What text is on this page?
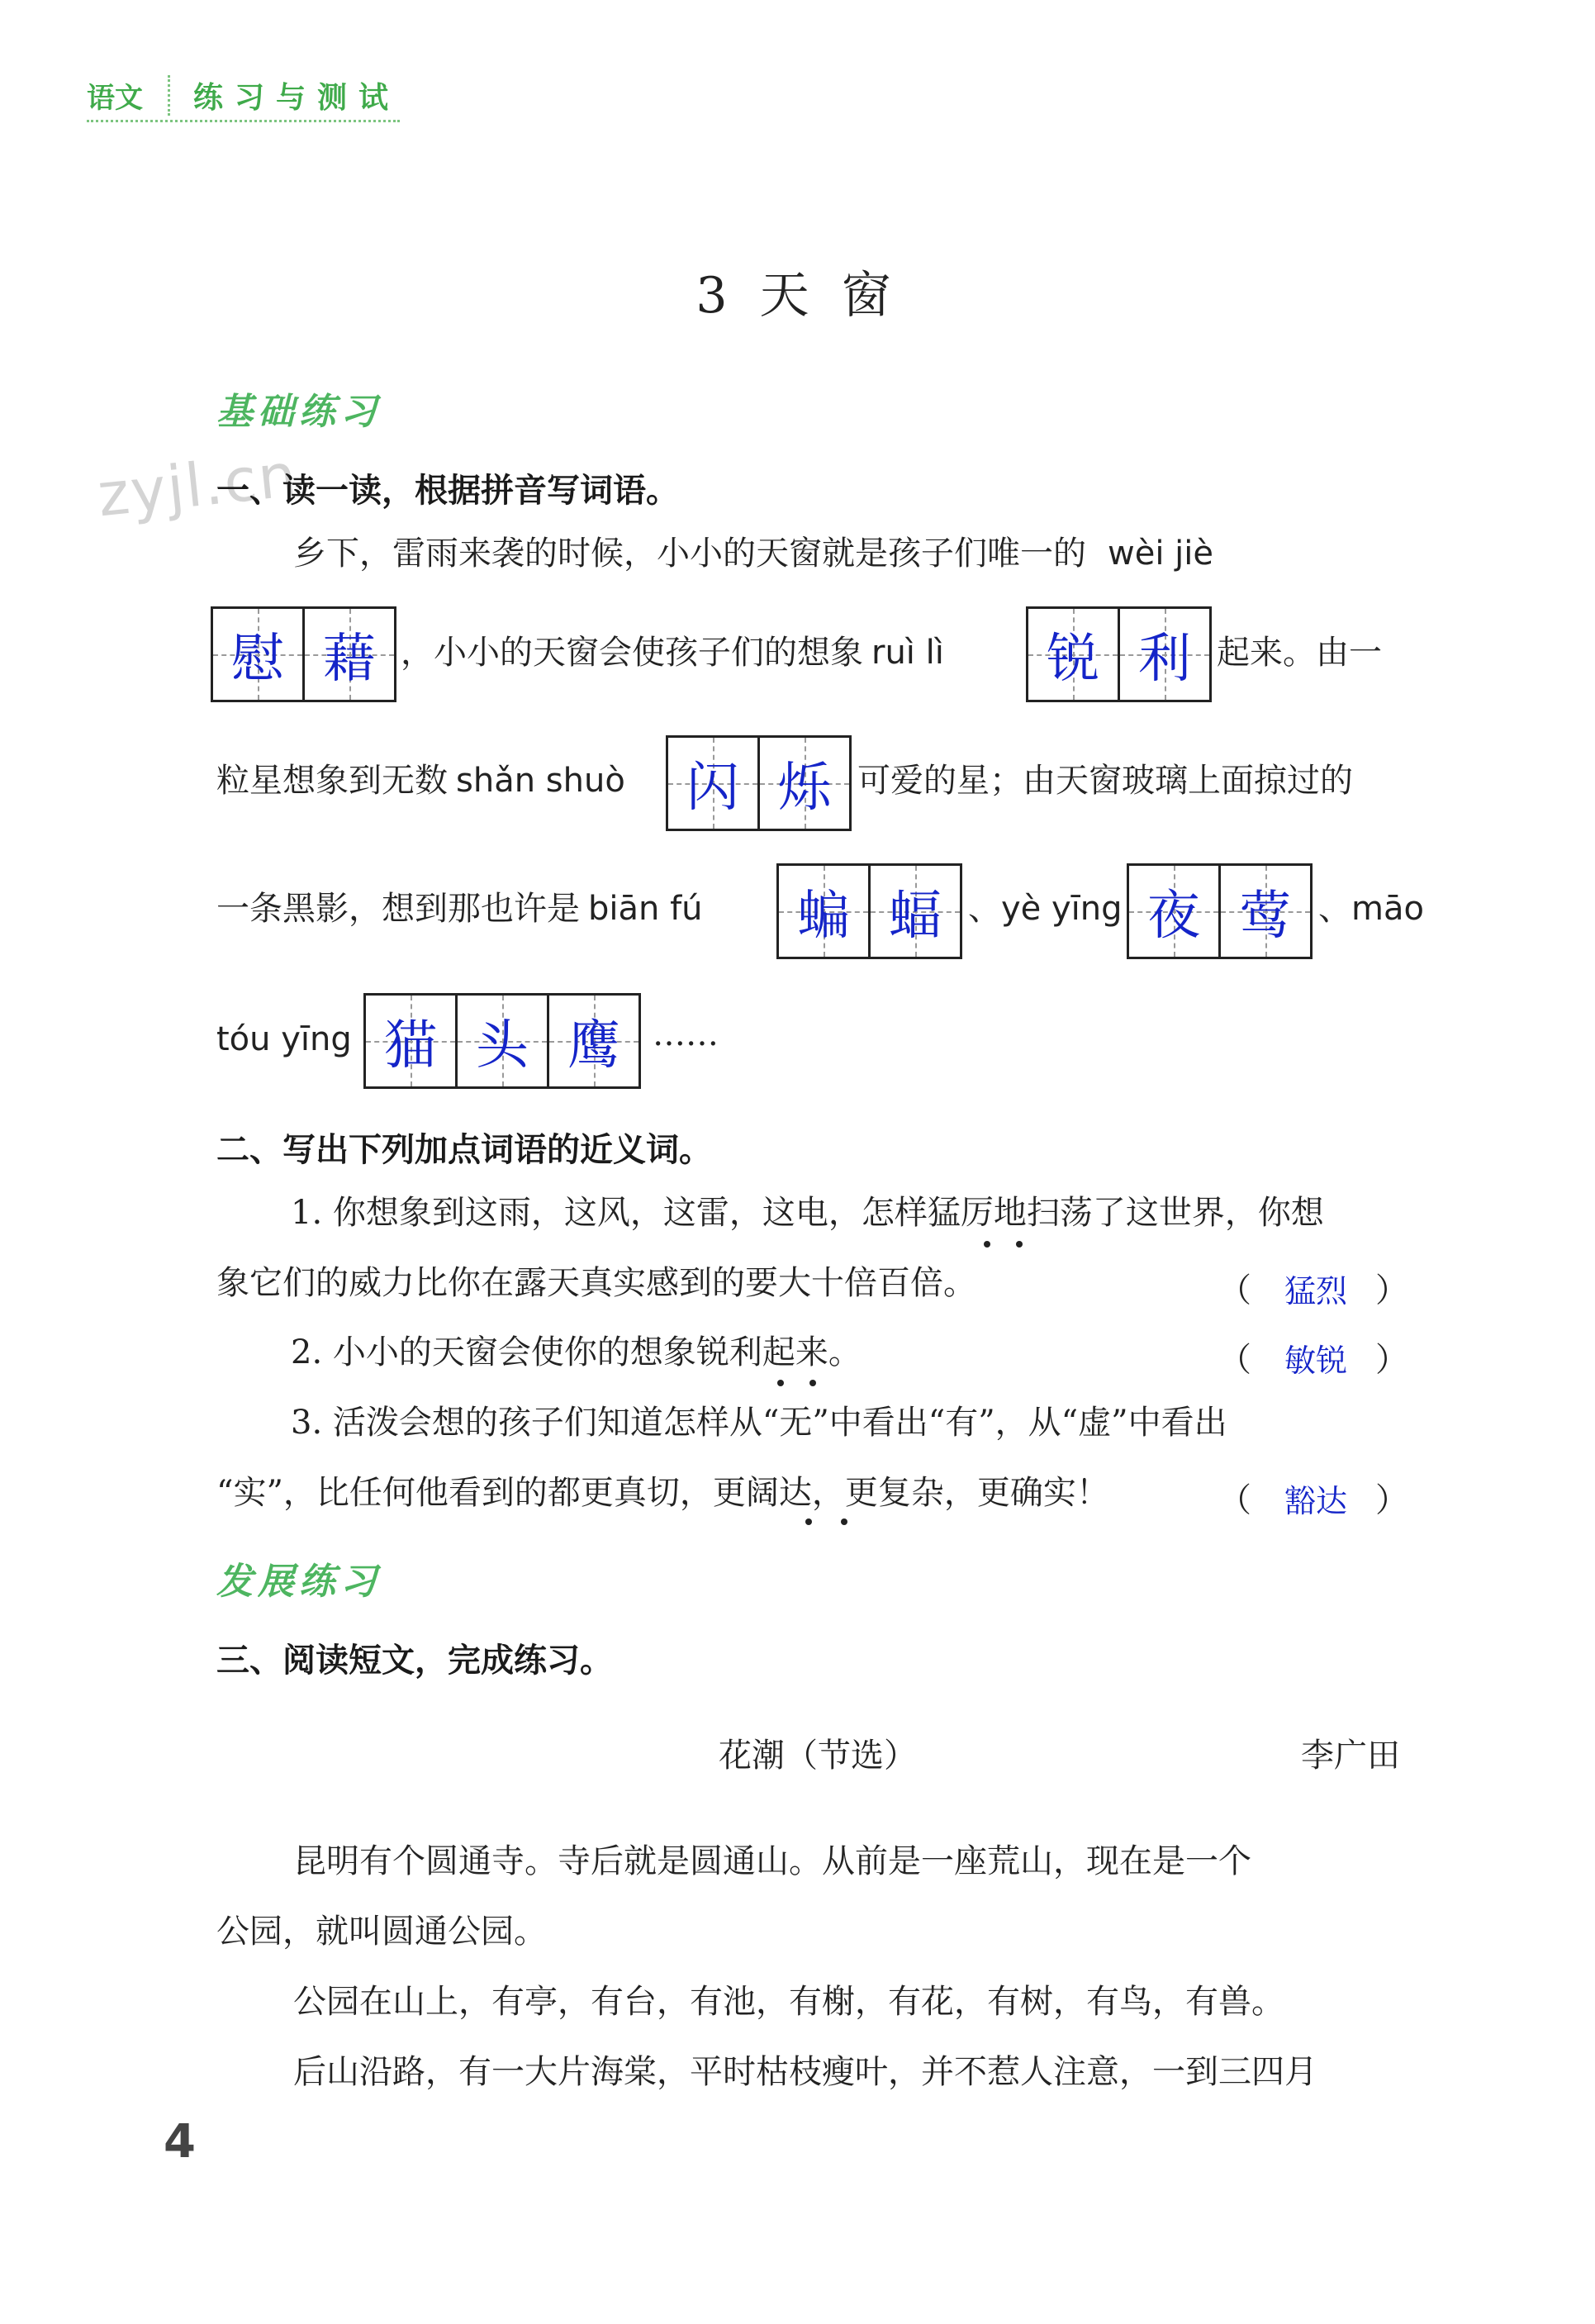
语文	练习与测试
3 天 窗
基础练习
zyjl.cn
一、读一读，根据拼音写词语。
乡下，雷雨来袭的时候，小小的天窗就是孩子们唯一的 wèi jiè
慰 藉 ，小小的天窗会使孩子们的想象 ruì lì 锐 利 起来。由一
粒星想象到无数 shǎn shuò 闪 烁 可爱的星；由天窗玻璃上面掠过的
一条黑影，想到那也许是 biān fú 蝙 蝠 、yè yīng 夜 莺 、māo
tóu yīng 猫 头 鹰 ……
二、写出下列加点词语的近义词。
1. 你想象到这雨，这风，这雷，这电，怎样猛厉地扫荡了这世界，你想
象它们的威力比你在露天真实感到的要大十倍百倍。	（ 猛烈 ）
2. 小小的天窗会使你的想象锐利起来。	（ 敏锐 ）
3. 活泼会想的孩子们知道怎样从“无”中看出“有”，从“虚”中看出
“实”，比任何他看到的都更真切，更阔达，更复杂，更确实！	（ 豁达 ）
发展练习
三、阅读短文，完成练习。
花潮（节选）	李广田
昆明有个圆通寺。寺后就是圆通山。从前是一座荒山，现在是一个
公园，就叫圆通公园。
公园在山上，有亭，有台，有池，有榭，有花，有树，有鸟，有兽。
后山沿路，有一大片海棠，平时枯枝瘦叶，并不惹人注意，一到三四月
4
